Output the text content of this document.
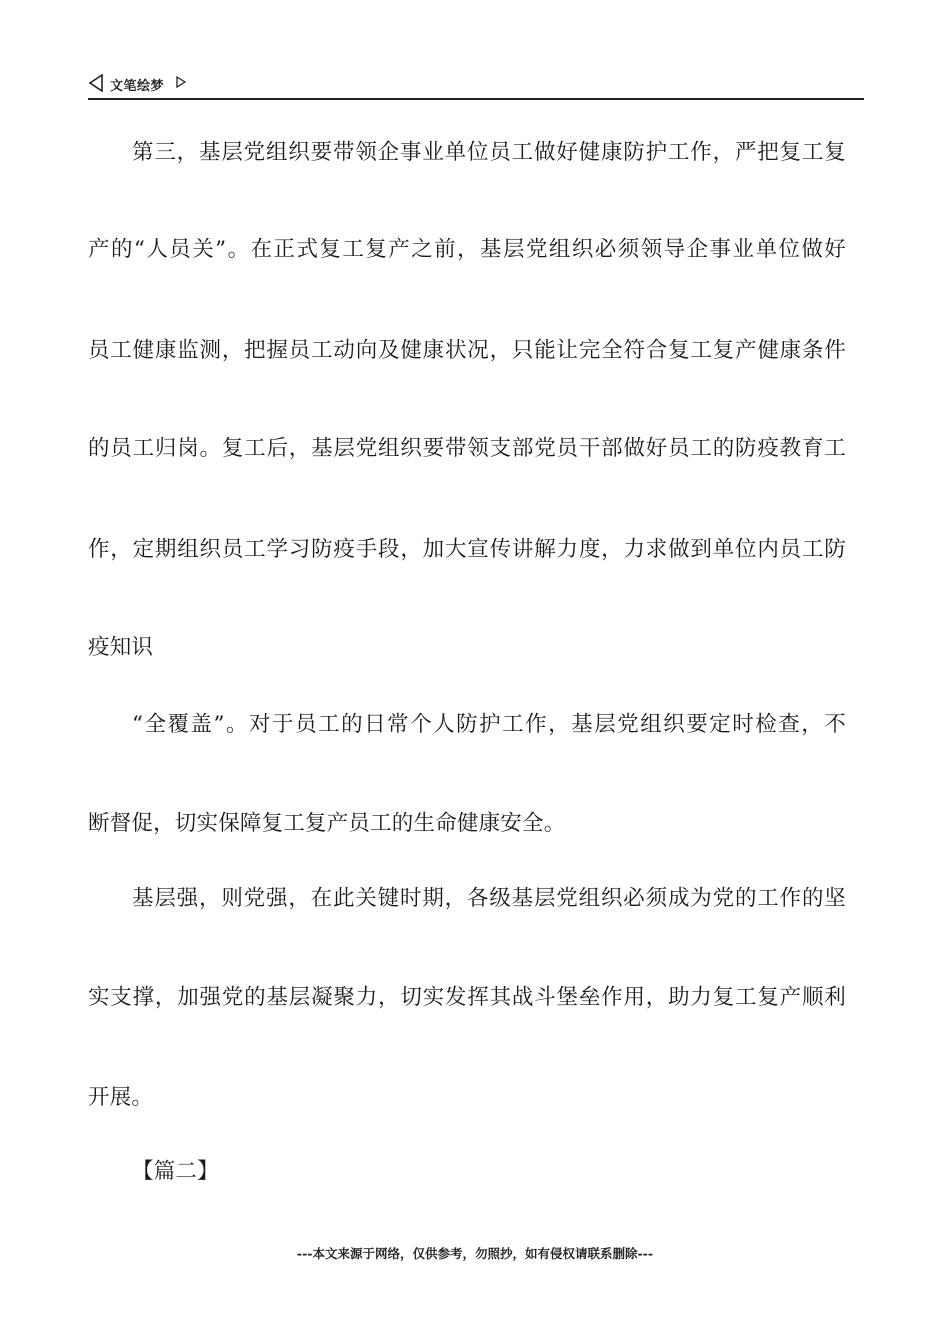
文笔绘梦
第三，基层党组织要带领企事业单位员工做好健康防护工作，严把复工复
产的“人员关”。在正式复工复产之前，基层党组织必须领导企事业单位做好
员工健康监测，把握员工动向及健康状况，只能让完全符合复工复产健康条件
的员工归岗。复工后，基层党组织要带领支部党员干部做好员工的防疫教育工
作，定期组织员工学习防疫手段，加大宣传讲解力度，力求做到单位内员工防
疫知识
“全覆盖”。对于员工的日常个人防护工作，基层党组织要定时检查，不
断督促，切实保障复工复产员工的生命健康安全。
基层强，则党强，在此关键时期，各级基层党组织必须成为党的工作的坚
实支撑，加强党的基层凝聚力，切实发挥其战斗堡垒作用，助力复工复产顺利
开展。
【篇二】
---本文来源于网络，仅供参考，勿照抄，如有侵权请联系删除---
